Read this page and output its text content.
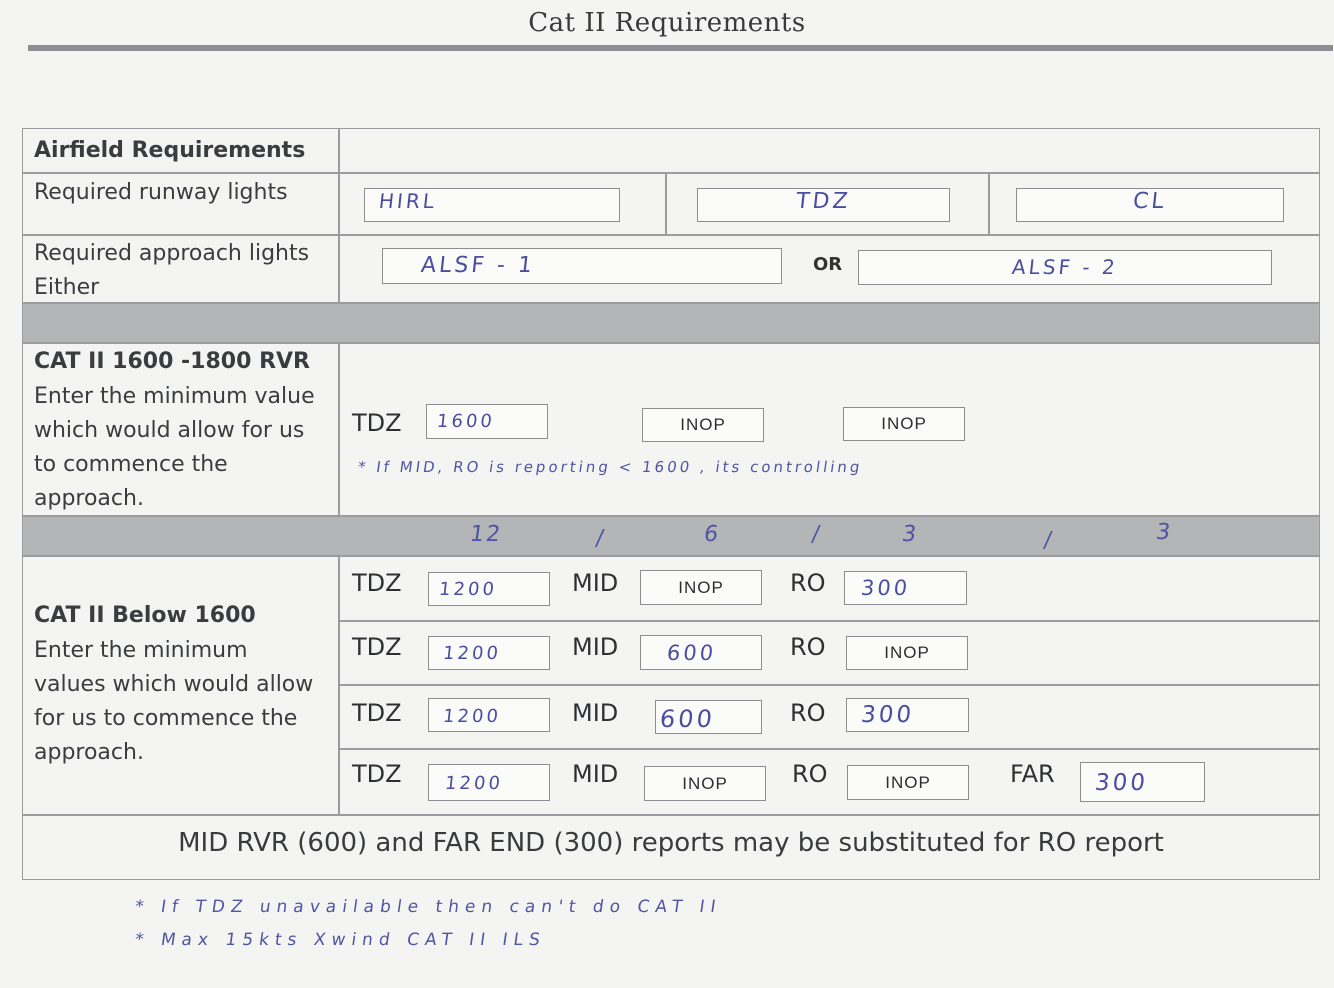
Cat II Requirements
Airfield Requirements
Required runway lights	HIRL	TDZ	CL
Required approach lights
Either
ALSF - 1	OR	ALSF - 2
CAT II 1600 -1800 RVR
Enter the minimum value
which would allow for us
to commence the
approach.
TDZ	1600	INOP	INOP
* If MID, RO is reporting < 1600 , its controlling
12	/	6	/	3	/	3
CAT II Below 1600
Enter the minimum
values which would allow
for us to commence the
approach.
TDZ	1200	MID	INOP	RO	300
TDZ	1200	MID	600	RO	INOP
TDZ	1200	MID 600	RO	300
TDZ	1200	MID	INOP	RO	INOP	FAR	300
MID RVR (600) and FAR END (300) reports may be substituted for RO report
* If TDZ unavailable then can't do CAT II
* Max 15kts Xwind CAT II ILS
